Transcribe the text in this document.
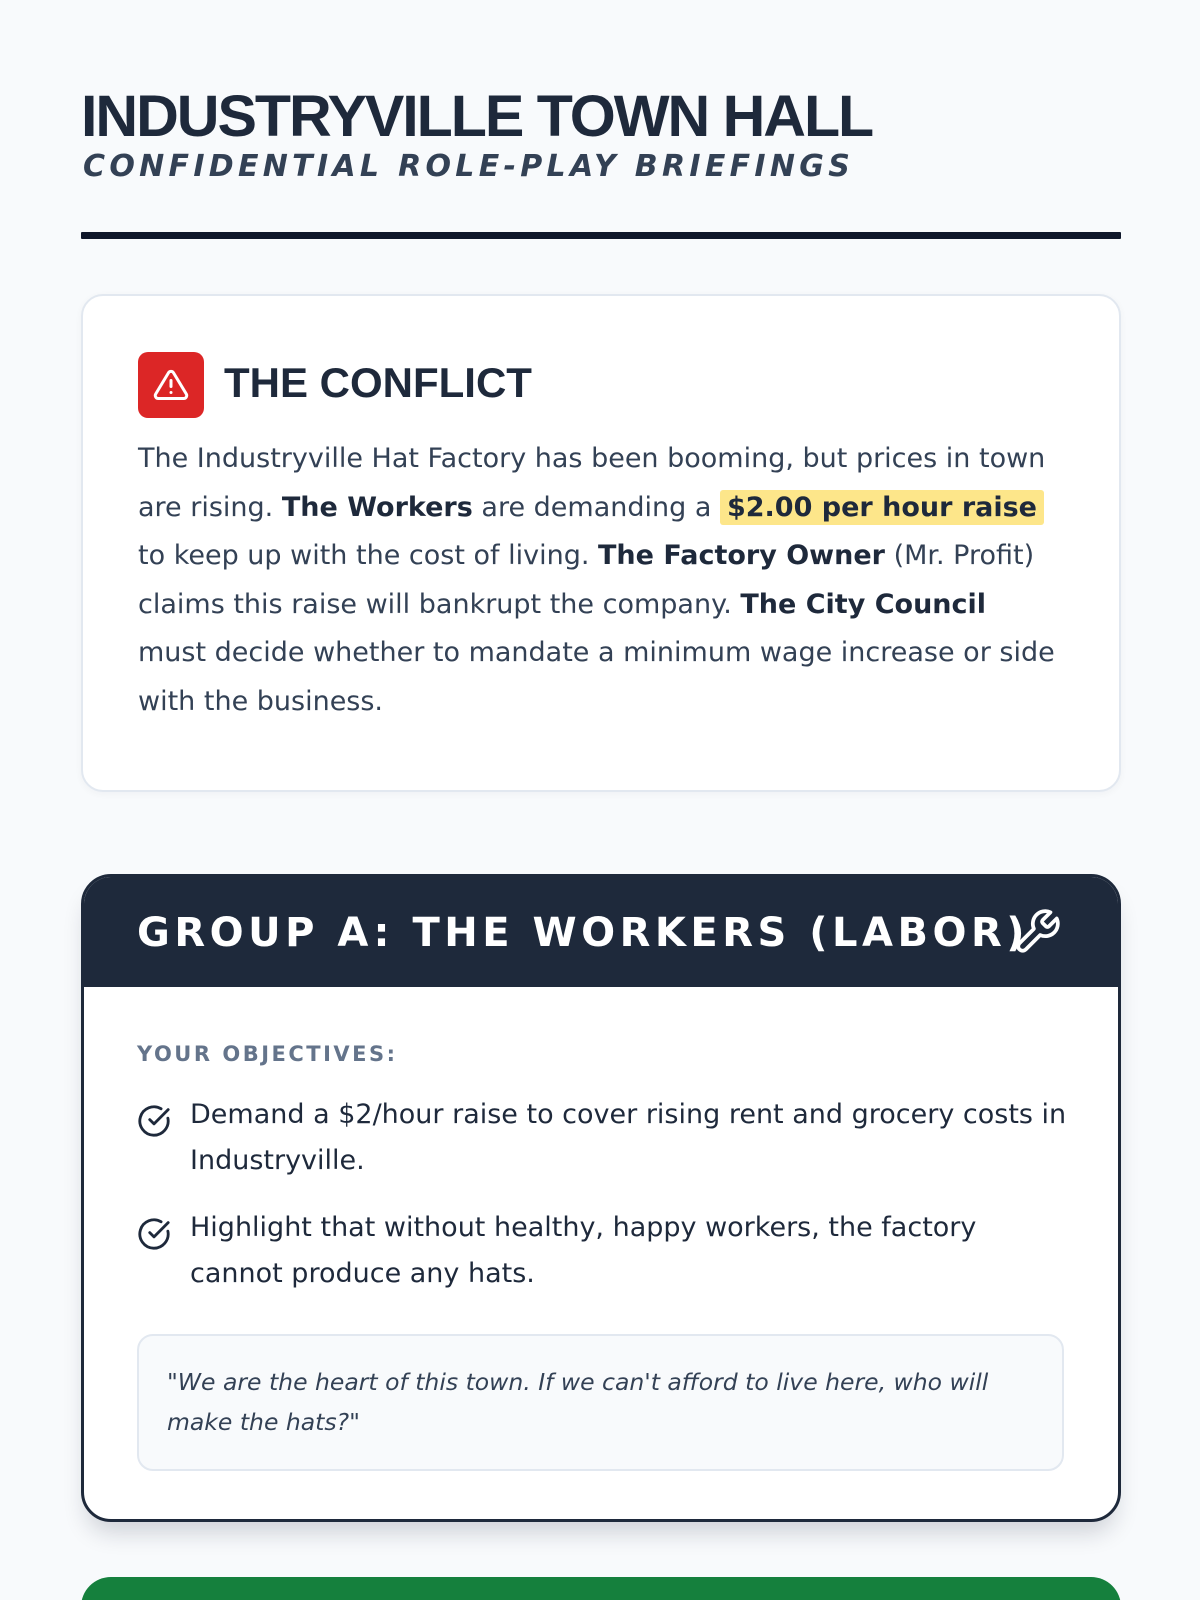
INDUSTRYVILLE TOWN HALL
CONFIDENTIAL ROLE-PLAY BRIEFINGS
THE CONFLICT

The Industryville Hat Factory has been booming, but prices in town are rising. The Workers are demanding a $2.00 per hour raise to keep up with the cost of living. The Factory Owner (Mr. Profit) claims this raise will bankrupt the company. The City Council must decide whether to mandate a minimum wage increase or side with the business.

GROUP A: THE WORKERS (LABOR)
YOUR OBJECTIVES:
Demand a $2/hour raise to cover rising rent and grocery costs in Industryville.
Highlight that without healthy, happy workers, the factory cannot produce any hats.

"We are the heart of this town. If we can't afford to live here, who will make the hats?"
